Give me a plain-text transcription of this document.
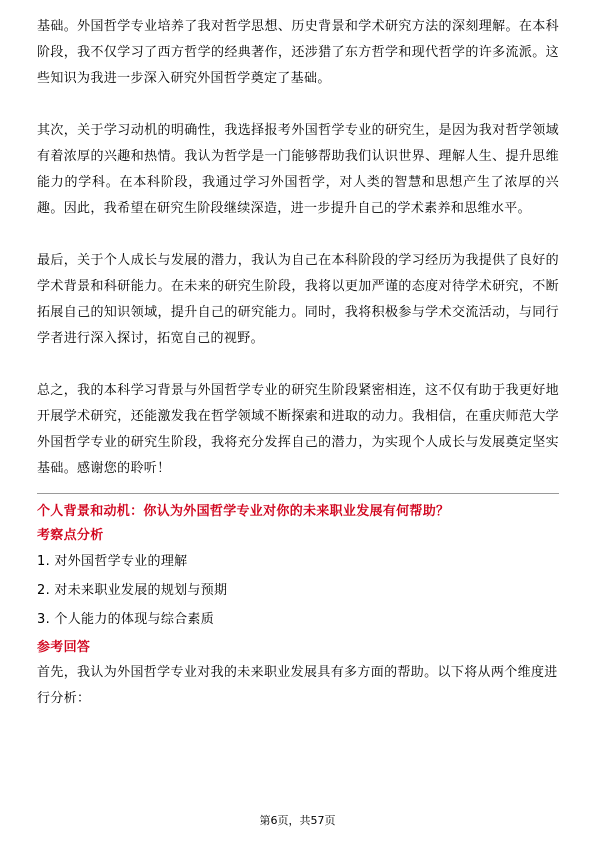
基础。外国哲学专业培养了我对哲学思想、历史背景和学术研究方法的深刻理解。在本科阶段，我不仅学习了西方哲学的经典著作，还涉猎了东方哲学和现代哲学的许多流派。这些知识为我进一步深入研究外国哲学奠定了基础。

其次，关于学习动机的明确性，我选择报考外国哲学专业的研究生，是因为我对哲学领域有着浓厚的兴趣和热情。我认为哲学是一门能够帮助我们认识世界、理解人生、提升思维能力的学科。在本科阶段，我通过学习外国哲学，对人类的智慧和思想产生了浓厚的兴趣。因此，我希望在研究生阶段继续深造，进一步提升自己的学术素养和思维水平。

最后，关于个人成长与发展的潜力，我认为自己在本科阶段的学习经历为我提供了良好的学术背景和科研能力。在未来的研究生阶段，我将以更加严谨的态度对待学术研究，不断拓展自己的知识领域，提升自己的研究能力。同时，我将积极参与学术交流活动，与同行学者进行深入探讨，拓宽自己的视野。

总之，我的本科学习背景与外国哲学专业的研究生阶段紧密相连，这不仅有助于我更好地开展学术研究，还能激发我在哲学领域不断探索和进取的动力。我相信，在重庆师范大学外国哲学专业的研究生阶段，我将充分发挥自己的潜力，为实现个人成长与发展奠定坚实基础。感谢您的聆听！

个人背景和动机：你认为外国哲学专业对你的未来职业发展有何帮助？
考察点分析
1. 对外国哲学专业的理解
2. 对未来职业发展的规划与预期
3. 个人能力的体现与综合素质
参考回答

首先，我认为外国哲学专业对我的未来职业发展具有多方面的帮助。以下将从两个维度进行分析：

第6页，共57页
